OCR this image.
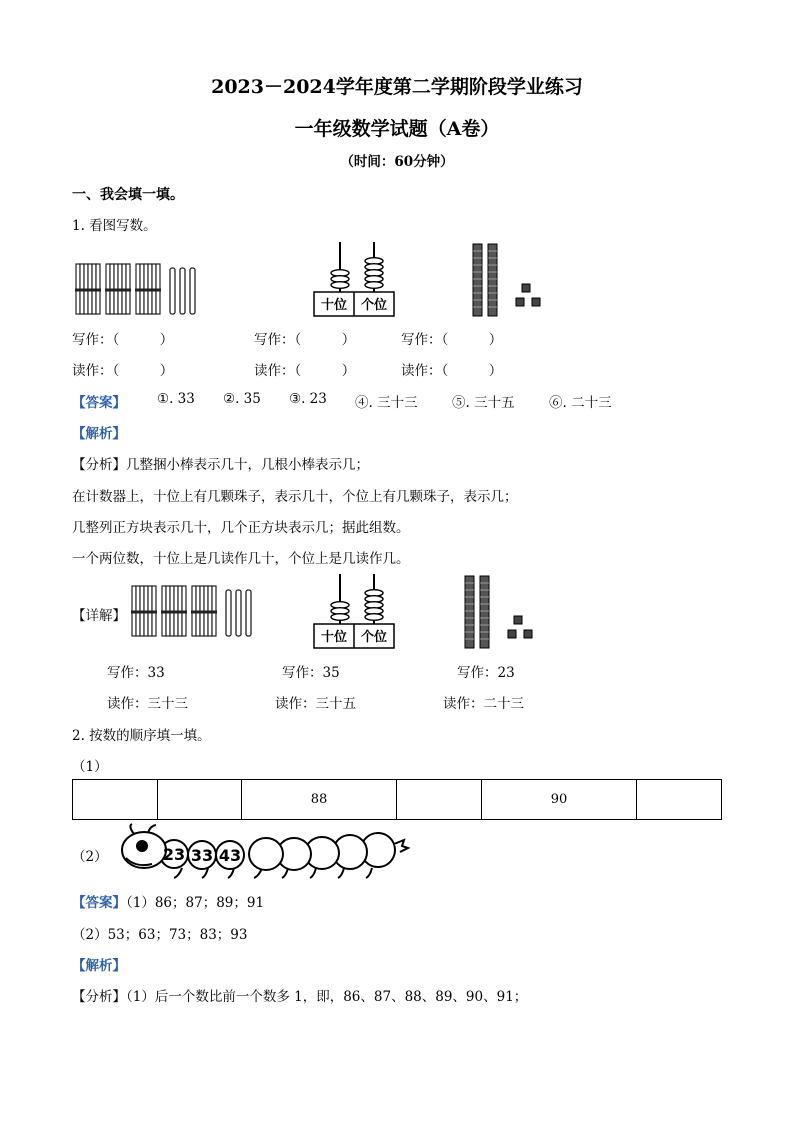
2023－2024学年度第二学期阶段学业练习
一年级数学试题（A卷）
（时间：60分钟）
一、我会填一填。
1. 看图写数。
十位 个位
写作：（　　　）	写作：（　　　）	写作：（　　　）
读作：（　　　）	读作：（　　　）	读作：（　　　）
【答案】 ①. 33 ②. 35 ③. 23 ④. 三十三	⑤. 三十五	⑥. 二十三
【解析】
【分析】几整捆小棒表示几十，几根小棒表示几；
在计数器上，十位上有几颗珠子，表示几十，个位上有几颗珠子，表示几；
几整列正方块表示几十，几个正方块表示几；据此组数。
一个两位数，十位上是几读作几十，个位上是几读作几。
【详解】
十位 个位
写作：33	写作：35	写作：23
读作：三十三	读作：三十五	读作：二十三
2. 按数的顺序填一填。
（1）
		88		90	
（2）	23 33 43
【答案】（1）86；87；89；91
（2）53；63；73；83；93
【解析】
【分析】（1）后一个数比前一个数多 1，即，86、87、88、89、90、91；
